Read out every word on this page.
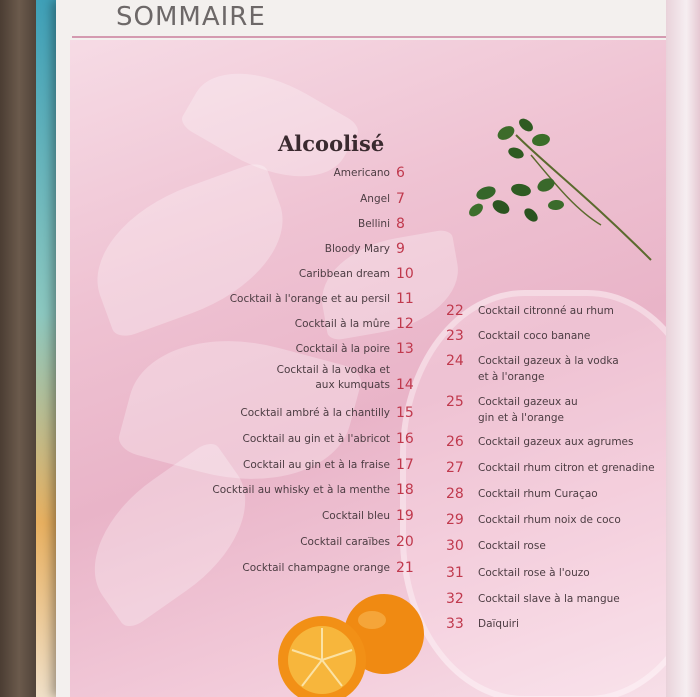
SOMMAIRE
Alcoolisé
Americano 6
Angel 7
Bellini 8
Bloody Mary 9
Caribbean dream 10
Cocktail à l'orange et au persil 11
Cocktail à la mûre 12
Cocktail à la poire 13
Cocktail à la vodka et aux kumquats 14
Cocktail ambré à la chantilly 15
Cocktail au gin et à l'abricot 16
Cocktail au gin et à la fraise 17
Cocktail au whisky et à la menthe 18
Cocktail bleu 19
Cocktail caraïbes 20
Cocktail champagne orange 21
22	Cocktail citronné au rhum
23	Cocktail coco banane
24	Cocktail gazeux à la vodka et à l'orange
25	Cocktail gazeux au gin et à l'orange
26	Cocktail gazeux aux agrumes
27	Cocktail rhum citron et grenadine
28	Cocktail rhum Curaçao
29	Cocktail rhum noix de coco
30	Cocktail rose
31	Cocktail rose à l'ouzo
32	Cocktail slave à la mangue
33	Daïquiri
